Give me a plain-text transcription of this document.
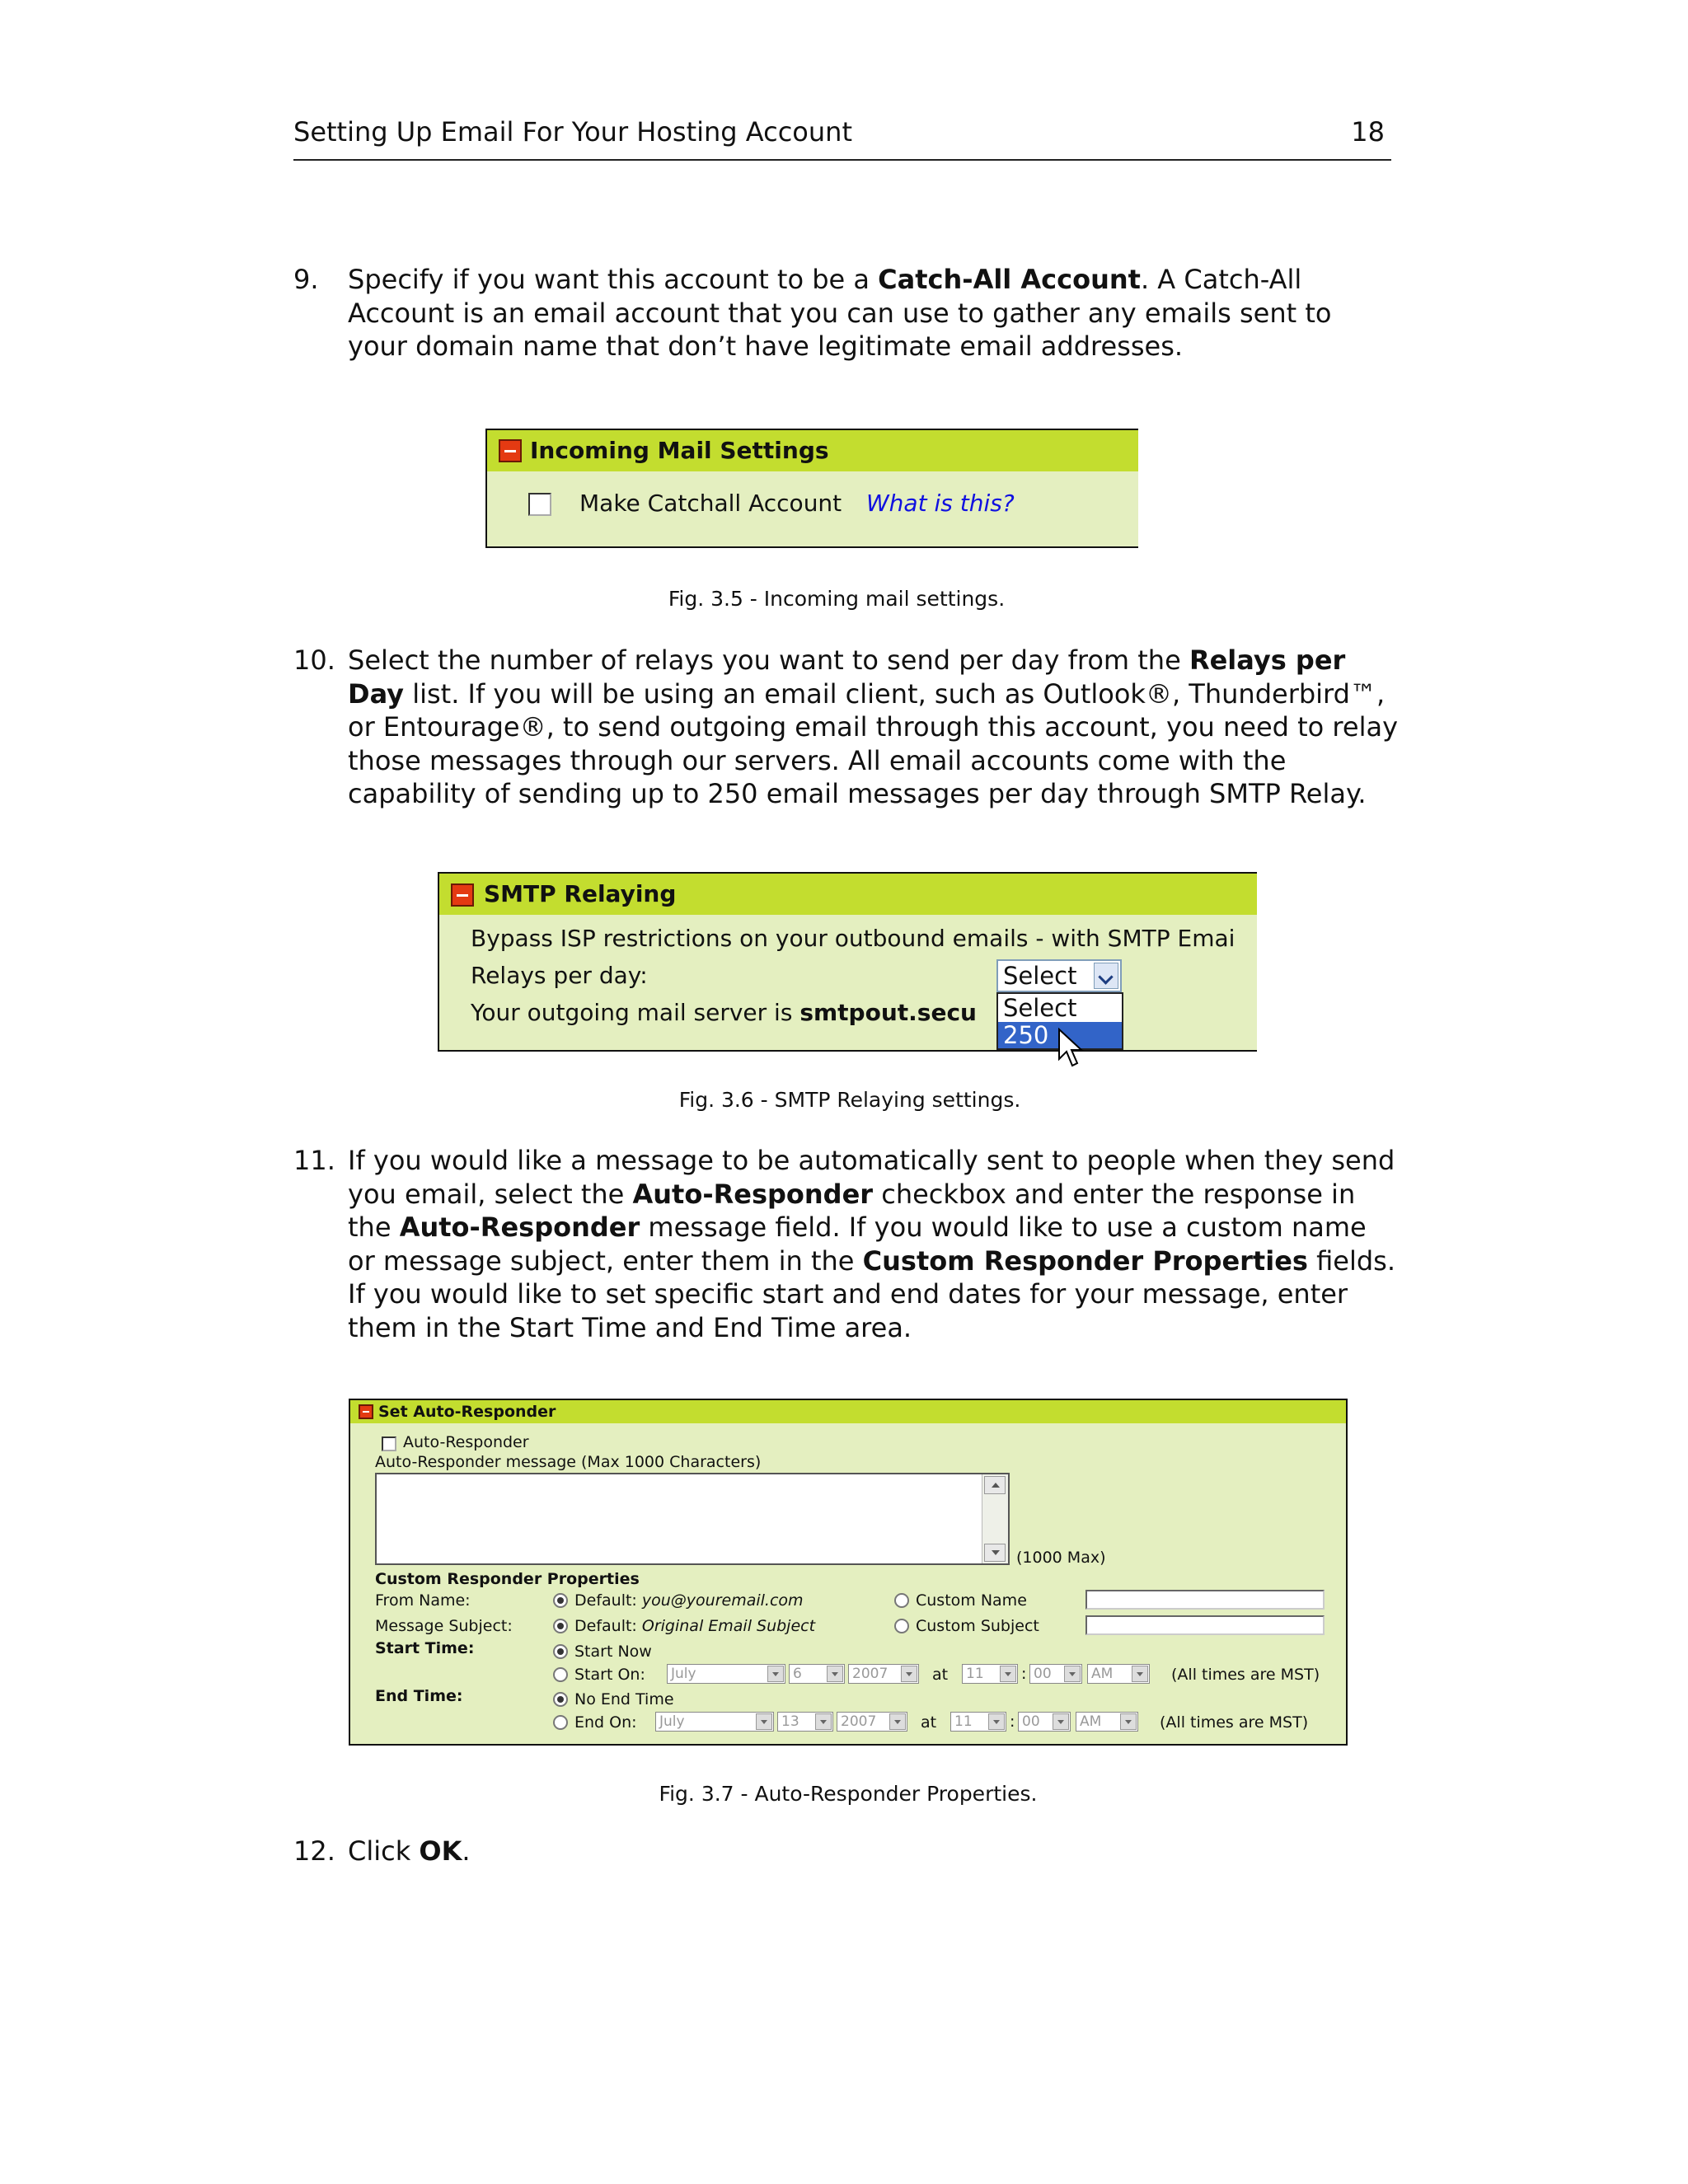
Setting Up Email For Your Hosting Account	18
9. Specify if you want this account to be a Catch-All Account. A Catch-All Account is an email account that you can use to gather any emails sent to your domain name that don’t have legitimate email addresses.
Incoming Mail Settings
Make Catchall Account What is this?
Fig. 3.5 - Incoming mail settings.
10. Select the number of relays you want to send per day from the Relays per Day list. If you will be using an email client, such as Outlook®, Thunderbird™, or Entourage®, to send outgoing email through this account, you need to relay those messages through our servers. All email accounts come with the capability of sending up to 250 email messages per day through SMTP Relay.
SMTP Relaying
Bypass ISP restrictions on your outbound emails - with SMTP Emai
Relays per day:
Your outgoing mail server is smtpout.secu
Select
Select
250
Fig. 3.6 - SMTP Relaying settings.
11. If you would like a message to be automatically sent to people when they send you email, select the Auto-Responder checkbox and enter the response in the Auto-Responder message field. If you would like to use a custom name or message subject, enter them in the Custom Responder Properties fields. If you would like to set specific start and end dates for your message, enter them in the Start Time and End Time area.
Set Auto-Responder
Auto-Responder
Auto-Responder message (Max 1000 Characters)
(1000 Max)
Custom Responder Properties
From Name:	Default: you@youremail.com	Custom Name
Message Subject:	Default: Original Email Subject	Custom Subject
Start Time:	Start Now
Start On: July	6	2007	at 11 : 00	AM	(All times are MST)
End Time:	No End Time
End On: July	13	2007	at 11 : 00	AM	(All times are MST)
Fig. 3.7 - Auto-Responder Properties.
12. Click OK.
